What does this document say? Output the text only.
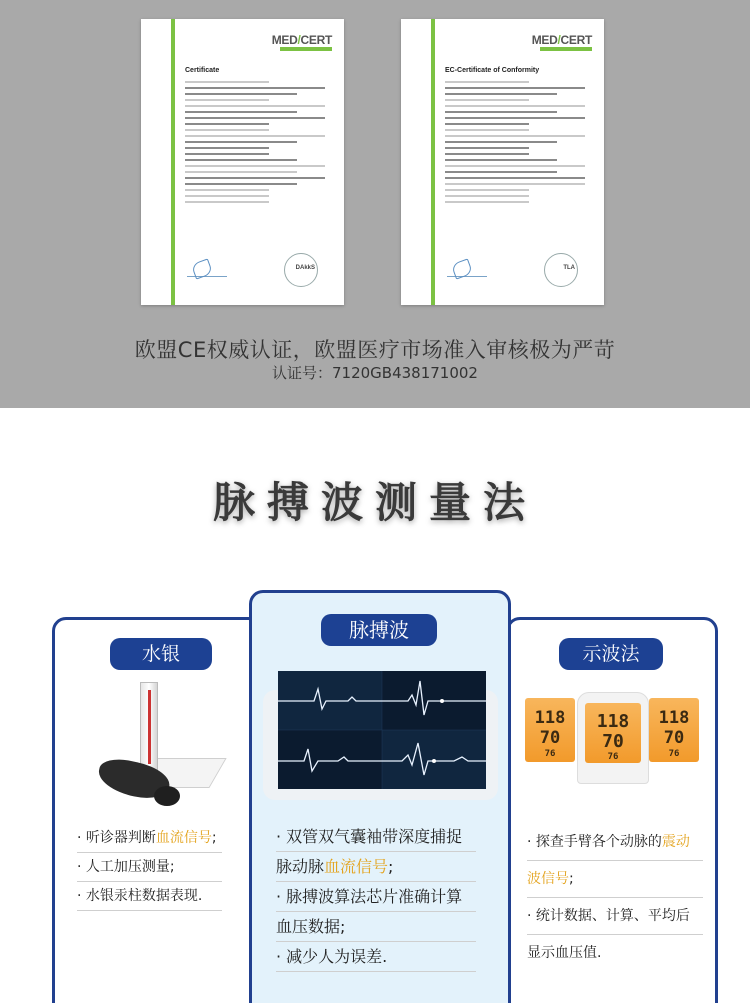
MED/CERT
Certificate
DAkkS
MED/CERT
EC-Certificate of Conformity
TLA
欧盟CE权威认证，欧盟医疗市场准入审核极为严苛
认证号：7120GB438171002
脉搏波测量法
水银
脉搏波
示波法
118
70
76
118
70
76
118
70
76
· 听诊器判断血流信号;
· 人工加压测量;
· 水银汞柱数据表现.
· 双管双气囊袖带深度捕捉
脉动脉血流信号;
· 脉搏波算法芯片准确计算
血压数据;
· 减少人为误差.
· 探查手臂各个动脉的震动
波信号;
· 统计数据、计算、平均后
显示血压值.
